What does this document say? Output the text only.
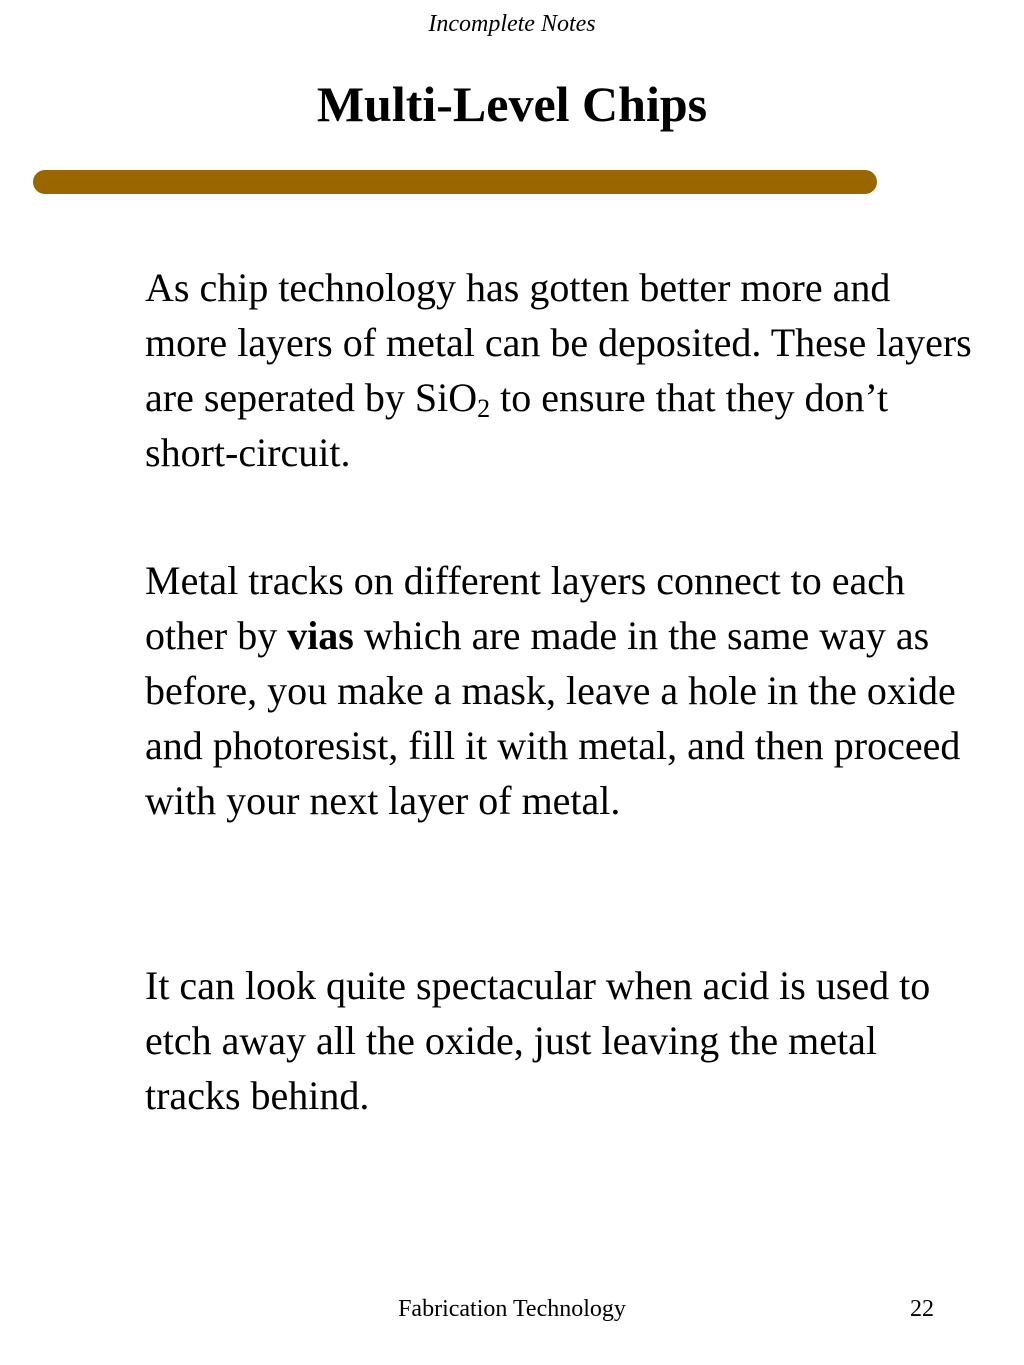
Incomplete Notes
Multi-Level Chips

As chip technology has gotten better more and more layers of metal can be deposited. These layers are seperated by SiO$_2$ to ensure that they don’t short-circuit.

Metal tracks on different layers connect to each other by vias which are made in the same way as before, you make a mask, leave a hole in the oxide and photoresist, fill it with metal, and then proceed with your next layer of metal.

It can look quite spectacular when acid is used to etch away all the oxide, just leaving the metal tracks behind.

Fabrication Technology	22
